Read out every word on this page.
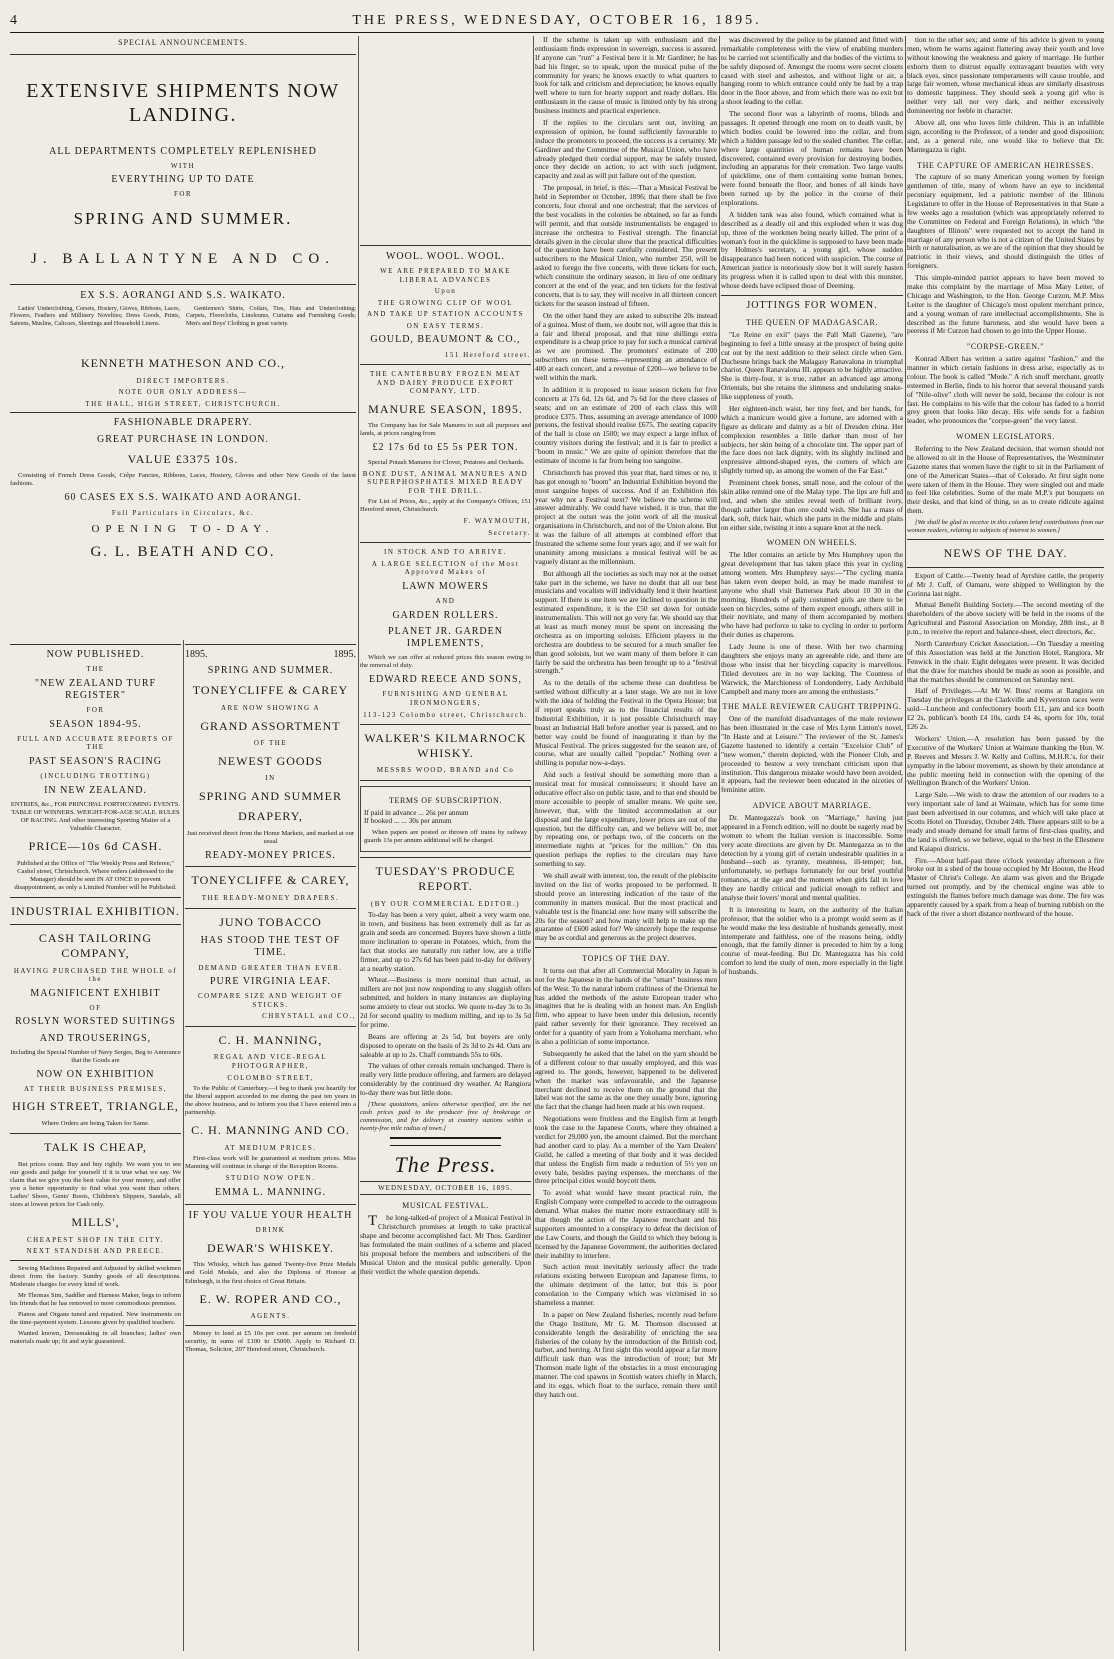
4	THE PRESS, WEDNESDAY, OCTOBER 16, 1895.
SPECIAL ANNOUNCEMENTS.
EXTENSIVE SHIPMENTS NOW LANDING.
ALL DEPARTMENTS COMPLETELY REPLENISHED
WITH
EVERYTHING UP TO DATE
FOR
SPRING AND SUMMER.
J. BALLANTYNE AND CO.
EX S.S. AORANGI AND S.S. WAIKATO.

Ladies' Underclothing, Corsets, Hosiery, Gloves, Ribbons, Laces, Flowers, Feathers and Millinery Novelties; Dress Goods, Prints, Sateens, Muslins, Calicoes, Sheetings and Household Linens.

Gentlemen's Shirts, Collars, Ties, Hats and Underclothing; Carpets, Floorcloths, Linoleums, Curtains and Furnishing Goods; Men's and Boys' Clothing in great variety.

KENNETH MATHESON AND CO.,
DIRECT IMPORTERS.
NOTE OUR ONLY ADDRESS—
THE HALL, HIGH STREET, CHRISTCHURCH.
FASHIONABLE DRAPERY.
GREAT PURCHASE IN LONDON.
VALUE £3375 10s.

Consisting of French Dress Goods, Crêpe Fancies, Ribbons, Laces, Hosiery, Gloves and other New Goods of the latest fashions.

60 CASES EX S.S. WAIKATO AND AORANGI.
Full Particulars in Circulars, &c.
OPENING TO-DAY.
G. L. BEATH AND CO.
NOW PUBLISHED.
THE
"NEW ZEALAND TURF REGISTER"
FOR
SEASON 1894-95.
FULL AND ACCURATE REPORTS OF THE
PAST SEASON'S RACING
(INCLUDING TROTTING)
IN NEW ZEALAND.

ENTRIES, &c., FOR PRINCIPAL FORTHCOMING EVENTS. TABLE OF WINNERS. WEIGHT-FOR-AGE SCALE. RULES OF RACING. And other interesting Sporting Matter of a Valuable Character.

PRICE—10s 6d CASH.

Published at the Office of "The Weekly Press and Referee," Cashel street, Christchurch. Where orders (addressed to the Manager) should be sent IN AT ONCE to prevent disappointment, as only a Limited Number will be Published.

INDUSTRIAL EXHIBITION.
CASH TAILORING COMPANY,
HAVING PURCHASED THE WHOLE of the
MAGNIFICENT EXHIBIT
OF
ROSLYN WORSTED SUITINGS
AND TROUSERINGS,

Including the Special Number of Navy Serges, Beg to Announce that the Goods are

NOW ON EXHIBITION
AT THEIR BUSINESS PREMISES,
HIGH STREET, TRIANGLE,

Where Orders are being Taken for Same.

TALK IS CHEAP,

But prices count. Buy and buy rightly. We want you to see our goods and judge for yourself if it is true what we say. We claim that we give you the best value for your money, and offer you a better opportunity to find what you want than others. Ladies' Shoes, Gents' Boots, Children's Slippers, Sandals, all sizes at lowest prices for Cash only.

MILLS',
CHEAPEST SHOP IN THE CITY.
NEXT STANDISH AND PREECE.

Sewing Machines Repaired and Adjusted by skilled workmen direct from the factory. Sundry goods of all descriptions. Moderate charges for every kind of work.

Mr Thomas Sim, Saddler and Harness Maker, begs to inform his friends that he has removed to more commodious premises.

Pianos and Organs tuned and repaired. New instruments on the time-payment system. Lessons given by qualified teachers.

Wanted known, Dressmaking in all branches; ladies' own materials made up; fit and style guaranteed.

1895.	1895.
SPRING AND SUMMER.
TONEYCLIFFE & CAREY
ARE NOW SHOWING A
GRAND ASSORTMENT
OF THE
NEWEST GOODS
IN
SPRING AND SUMMER
DRAPERY,

Just received direct from the Home Markets, and marked at our usual

READY-MONEY PRICES.
TONEYCLIFFE & CAREY,
THE READY-MONEY DRAPERS.
JUNO TOBACCO
HAS STOOD THE TEST OF TIME.
DEMAND GREATER THAN EVER.
PURE VIRGINIA LEAF.
COMPARE SIZE AND WEIGHT OF STICKS.
CHRYSTALL and CO.,
C. H. MANNING,
REGAL AND VICE-REGAL PHOTOGRAPHER,
COLOMBO STREET,

To the Public of Canterbury.—I beg to thank you heartily for the liberal support accorded to me during the past ten years in the above business, and to inform you that I have entered into a partnership.

C. H. MANNING AND CO.
AT MEDIUM PRICES.

First-class work will be guaranteed at medium prices. Miss Manning will continue in charge of the Reception Rooms.

STUDIO NOW OPEN.
EMMA L. MANNING.
IF YOU VALUE YOUR HEALTH
DRINK
DEWAR'S WHISKEY.

This Whisky, which has gained Twenty-five Prize Medals and Gold Medals, and also the Diploma of Honour at Edinburgh, is the first choice of Great Britain.

E. W. ROPER AND CO.,
AGENTS.

Money to lend at £5 10s per cent. per annum on freehold security, in sums of £100 to £5000. Apply to Richard D. Thomas, Solicitor, 207 Hereford street, Christchurch.

WOOL. WOOL. WOOL.
WE ARE PREPARED TO MAKE LIBERAL ADVANCES
Upon
THE GROWING CLIP OF WOOL
AND TAKE UP STATION ACCOUNTS
ON EASY TERMS.
GOULD, BEAUMONT & CO.,
151 Hereford street.
THE CANTERBURY FROZEN MEAT AND DAIRY PRODUCE EXPORT COMPANY, LTD.
MANURE SEASON, 1895.

The Company has for Sale Manures to suit all purposes and lands, at prices ranging from

£2 17s 6d to £5 5s PER TON.

Special Potash Manures for Clover, Potatoes and Orchards.

BONE DUST, ANIMAL MANURES AND SUPERPHOSPHATES MIXED READY FOR THE DRILL.

For List of Prices, &c., apply at the Company's Offices, 151 Hereford street, Christchurch.

F. WAYMOUTH,
Secretary.
IN STOCK AND TO ARRIVE.
A LARGE SELECTION of the Most Approved Makes of
LAWN MOWERS
AND
GARDEN ROLLERS.
PLANET JR. GARDEN IMPLEMENTS,

Which we can offer at reduced prices this season owing to the removal of duty.

EDWARD REECE AND SONS,
FURNISHING AND GENERAL IRONMONGERS,
113-123 Colombo street, Christchurch.
WALKER'S KILMARNOCK WHISKY.
MESSRS WOOD, BRAND and Co
TERMS OF SUBSCRIPTION.
If paid in advance ... 26s per annum
If booked ... ... 30s per annum

When papers are posted or thrown off trains by railway guards 13s per annum additional will be charged.

TUESDAY'S PRODUCE REPORT.
(BY OUR COMMERCIAL EDITOR.)

To-day has been a very quiet, albeit a very warm one, in town, and business has been extremely dull as far as grain and seeds are concerned. Buyers have shown a little more inclination to operate in Potatoes, which, from the fact that stocks are naturally run rather low, are a trifle firmer, and up to 27s 6d has been paid to-day for delivery at a nearby station.

Wheat.—Business is more nominal than actual, as millers are not just now responding to any sluggish offers submitted, and holders in many instances are displaying some anxiety to clear out stocks. We quote to-day 3s to 3s 2d for second quality to medium milling, and up to 3s 5d for prime.

Beans are offering at 2s 5d, but buyers are only disposed to operate on the basis of 2s 3d to 2s 4d. Oats are saleable at up to 2s. Chaff commands 55s to 60s.

The values of other cereals remain unchanged. There is really very little produce offering, and farmers are delayed considerably by the continued dry weather. At Rangiora to-day there was but little done.

[These quotations, unless otherwise specified, are the net cash prices paid to the producer free of brokerage or commission, and for delivery at country stations within a twenty-five mile radius of town.]

The Press.
WEDNESDAY, OCTOBER 16, 1895.
MUSICAL FESTIVAL.

The long-talked-of project of a Musical Festival in Christchurch promises at length to take practical shape and become accomplished fact. Mr Thos. Gardiner has formulated the main outlines of a scheme and placed his proposal before the members and subscribers of the Musical Union and the musical public generally. Upon their verdict the whole question depends.

If the scheme is taken up with enthusiasm and the enthusiasm finds expression in sovereign, success is assured. If anyone can "run" a Festival here it is Mr Gardiner; he has had his finger, so to speak, upon the musical pulse of the community for years; he knows exactly to what quarters to look for talk and criticism and depreciation; he knows equally well where to turn for hearty support and ready dollars. His enthusiasm in the cause of music is limited only by his strong business instincts and practical experience.

If the replies to the circulars sent out, inviting an expression of opinion, be found sufficiently favourable to induce the promoters to proceed, the success is a certainty. Mr Gardiner and the Committee of the Musical Union, who have already pledged their cordial support, may be safely trusted, once they decide on action, to act with such judgment, capacity and zeal as will put failure out of the question.

The proposal, in brief, is this:—That a Musical Festival be held in September or October, 1896; that there shall be five concerts, four choral and one orchestral; that the services of the best vocalists in the colonies be obtained, so far as funds will permit, and that outside instrumentalists be engaged to increase the orchestra to Festival strength. The financial details given in the circular show that the practical difficulties of the question have been carefully considered. The present subscribers to the Musical Union, who number 250, will be asked to forego the five concerts, with three tickets for each, which constitute the ordinary season, in lieu of one ordinary concert at the end of the year, and ten tickets for the festival concerts, that is to say, they will receive in all thirteen concert tickets for the season instead of fifteen.

On the other hand they are asked to subscribe 20s instead of a guinea. Most of them, we doubt not, will agree that this is a fair and liberal proposal, and that nine shillings extra expenditure is a cheap price to pay for such a musical carnival as we are promised. The promoters' estimate of 200 subscribers on these terms—representing an attendance of 400 at each concert, and a revenue of £200—we believe to be well within the mark.

In addition it is proposed to issue season tickets for five concerts at 17s 6d, 12s 6d, and 7s 6d for the three classes of seats; and on an estimate of 200 of each class this will produce £375. Thus, assuming an average attendance of 1000 persons, the festival should realise £675. The seating capacity of the hall is close on 1500; we may expect a large influx of country visitors during the festival; and it is fair to predict a "boom in music." We are quite of opinion therefore that the estimate of income is far from being too sanguine.

Christchurch has proved this year that, hard times or no, it has got enough to "boom" an Industrial Exhibition beyond the most sanguine hopes of success. And if an Exhibition this year why not a Festival next? We believe the scheme will answer admirably. We could have wished, it is true, that the project at the outset was the joint work of all the musical organisations in Christchurch, and not of the Union alone. But it was the failure of all attempts at combined effort that frustrated the scheme some four years ago; and if we wait for unanimity among musicians a musical festival will be as vaguely distant as the millennium.

But although all the societies as such may not at the outset take part in the scheme, we have no doubt that all our best musicians and vocalists will individually lend it their heartiest support. If there is one item we are inclined to question in the estimated expenditure, it is the £50 set down for outside instrumentalists. This will not go very far. We should say that at least as much money must be spent on increasing the orchestra as on importing soloists. Efficient players in the orchestra are doubtless to be secured for a much smaller fee than good soloists, but we want many of them before it can fairly be said the orchestra has been brought up to a "festival strength."

As to the details of the scheme these can doubtless be settled without difficulty at a later stage. We are not in love with the idea of holding the Festival in the Opera House; but if report speaks truly as to the financial results of the Industrial Exhibition, it is just possible Christchurch may boast an Industrial Hall before another year is passed, and no better way could be found of inaugurating it than by the Musical Festival. The prices suggested for the season are, of course, what are usually called "popular." Nothing over a shilling is popular now-a-days.

And such a festival should be something more than a musical treat for musical connoisseurs; it should have an educative effect also on public taste, and to that end should be more accessible to people of smaller means. We quite see, however, that, with the limited accommodation at our disposal and the large expenditure, lower prices are out of the question, but the difficulty can, and we believe will be, met by repeating one, or perhaps two, of the concerts on the intermediate nights at "prices for the million." On this question perhaps the replies to the circulars may have something to say.

We shall await with interest, too, the result of the plebiscite invited on the list of works proposed to be performed. It should prove an interesting indication of the taste of the community in matters musical. But the most practical and valuable test is the financial one: how many will subscribe the 20s for the season? and how many will help to make up the guarantee of £600 asked for? We sincerely hope the response may be as cordial and generous as the project deserves.

TOPICS OF THE DAY.

It turns out that after all Commercial Morality in Japan is not for the Japanese in the hands of the "smart" business men of the West. To the natural inborn craftiness of the Oriental he has added the methods of the astute European trader who imagines that he is dealing with an honest man. An English firm, who appear to have been under this delusion, recently paid rather severely for their ignorance. They received an order for a quantity of yarn from a Yokohama merchant, who is also a politician of some importance.

Subsequently he asked that the label on the yarn should be of a different colour to that usually employed, and this was agreed to. The goods, however, happened to be delivered when the market was unfavourable, and the Japanese merchant declined to receive them on the ground that the label was not the same as the one they usually bore, ignoring the fact that the change had been made at his own request.

Negotiations were fruitless and the English firm at length took the case to the Japanese Courts, where they obtained a verdict for 29,000 yen, the amount claimed. But the merchant had another card to play. As a member of the Yarn Dealers' Guild, he called a meeting of that body and it was decided that unless the English firm made a reduction of 5½ yen on every bale, besides paying expenses, the merchants of the three principal cities would boycott them.

To avoid what would have meant practical ruin, the English Company were compelled to accede to the outrageous demand. What makes the matter more extraordinary still is that though the action of the Japanese merchant and his supporters amounted to a conspiracy to defeat the decision of the Law Courts, and though the Guild to which they belong is licensed by the Japanese Government, the authorities declared their inability to interfere.

Such action must inevitably seriously affect the trade relations existing between European and Japanese firms, to the ultimate detriment of the latter, but this is poor consolation to the Company which was victimised in so shameless a manner.

In a paper on New Zealand fisheries, recently read before the Otago Institute, Mr G. M. Thomson discussed at considerable length the desirability of enriching the sea fisheries of the colony by the introduction of the British cod, turbot, and herring. At first sight this would appear a far more difficult task than was the introduction of trout; but Mr Thomson made light of the obstacles in a most encouraging manner. The cod spawns in Scottish waters chiefly in March, and its eggs, which float to the surface, remain there until they hatch out.

was discovered by the police to be planned and fitted with remarkable completeness with the view of enabling murders to be carried out scientifically and the bodies of the victims to be safely disposed of. Amongst the rooms were secret closets cased with steel and asbestos, and without light or air, a hanging room to which entrance could only be had by a trap door in the floor above, and from which there was no exit but a shoot leading to the cellar.

The second floor was a labyrinth of rooms, blinds and passages. It opened through one room on to death vault, by which bodies could be lowered into the cellar, and from which a hidden passage led to the sealed chamber. The cellar, where large quantities of human remains have been discovered, contained every provision for destroying bodies, including an apparatus for their cremation. Two large vaults of quicklime, one of them containing some human bones, were found beneath the floor, and bones of all kinds have been turned up by the police in the course of their explorations.

A hidden tank was also found, which contained what is described as a deadly oil and this exploded when it was dug up, three of the workmen being nearly killed. The print of a woman's foot in the quicklime is supposed to have been made by Holmes's secretary, a young girl, whose sudden disappearance had been noticed with suspicion. The course of American justice is notoriously slow but it will surely hasten its progress when it is called upon to deal with this monster, whose deeds have eclipsed those of Deeming.

JOTTINGS FOR WOMEN.
THE QUEEN OF MADAGASCAR.

"Le Reine en exil" (says the Pall Mall Gazette), "are beginning to feel a little uneasy at the prospect of being quite cut out by the next addition to their select circle when Gen. Duchesne brings back the Malagasy Ranavalona in triumphal chariot. Queen Ranavalona III. appears to be highly attractive. She is thirty-four, it is true, rather an advanced age among Orientals, but she retains the slimness and undulating snake-like suppleness of youth.

Her eighteen-inch waist, her tiny feet, and her hands, for which a manicure would give a fortune, are adorned with a figure as delicate and dainty as a bit of Dresden china. Her complexion resembles a little darker than most of her subjects, her skin being of a chocolate tint. The upper part of the face does not lack dignity, with its slightly inclined and expressive almond-shaped eyes, the corners of which are slightly turned up, as among the women of the Far East."

Prominent cheek bones, small nose, and the colour of the skin alike remind one of the Malay type. The lips are full and red, and when she smiles reveal teeth of brilliant ivory, though rather larger than one could wish. She has a mass of dark, soft, thick hair, which she parts in the middle and plaits on either side, twisting it into a square knot at the neck.

WOMEN ON WHEELS.

The Idler contains an article by Mrs Humphrey upon the great development that has taken place this year in cycling among women. Mrs Humphrey says:—"The cycling mania has taken even deeper hold, as may be made manifest to anyone who shall visit Battersea Park about 10 30 in the morning. Hundreds of gaily costumed girls are there to be seen on bicycles, some of them expert enough, others still in their novitiate, and many of them accompanied by mothers who have had perforce to take to cycling in order to perform their duties as chaperons.

Lady Jeune is one of these. With her two charming daughters she enjoys many an agreeable ride, and there are those who insist that her bicycling capacity is marvellous. Titled devotees are in no way lacking. The Countess of Warwick, the Marchioness of Londonderry, Lady Archibald Campbell and many more are among the enthusiasts."

THE MALE REVIEWER CAUGHT TRIPPING.

One of the manifold disadvantages of the male reviewer has been illustrated in the case of Mrs Lynn Linton's novel, "In Haste and at Leisure." The reviewer of the St. James's Gazette hastened to identify a certain "Excelsior Club" of "new women," therein depicted, with the Pioneer Club, and proceeded to bestow a very trenchant criticism upon that institution. This dangerous mistake would have been avoided, it appears, had the reviewer been educated in the niceties of feminine attire.

ADVICE ABOUT MARRIAGE.

Dr. Mantegazza's book on "Marriage," having just appeared in a French edition, will no doubt be eagerly read by women to whom the Italian version is inaccessible. Some very acute directions are given by Dr. Mantegazza as to the detection by a young girl of certain undesirable qualities in a husband—such as tyranny, meanness, ill-temper; but, unfortunately, so perhaps fortunately for our brief youthful romances, at the age and the moment when girls fall in love they are hardly critical and judicial enough to reflect and analyse their lovers' moral and mental qualities.

It is interesting to learn, on the authority of the Italian professor, that the soldier who is a prompt would seem as if he would make the less desirable of husbands generally, most intemperate and faithless, one of the reasons being, oddly enough, that the family dinner is preceded to him by a long course of meat-feeding. But Dr. Mantegazza has his cold comfort to lend the study of men, more especially in the light of husbands.

tion to the other sex; and some of his advice is given to young men, whom he warns against flattering away their youth and love without knowing the weakness and gaiety of marriage. He further exhorts them to distrust equally extravagant beauties with very black eyes, since passionate temperaments will cause trouble, and large fair women, whose mechanical ideas are similarly disastrous to domestic happiness. They should seek a young girl who is neither very tall nor very dark, and neither excessively domineering nor feeble in character.

Above all, one who loves little children. This is an infallible sign, according to the Professor, of a tender and good disposition; and, as a general rule, one would like to believe that Dr. Mantegazza is right.

THE CAPTURE OF AMERICAN HEIRESSES.

The capture of so many American young women by foreign gentlemen of title, many of whom have an eye to incidental pecuniary equipment, led a patriotic member of the Illinois Legislature to offer in the House of Representatives in that State a few weeks ago a resolution (which was appropriately referred to the Committee on Federal and Foreign Relations), in which "the daughters of Illinois" were requested not to accept the hand in marriage of any person who is not a citizen of the United States by birth or naturalisation, as we are of the opinion that they should be patriotic in their views, and should distinguish the titles of foreigners.

This simple-minded patriot appears to have been moved to make this complaint by the marriage of Miss Mary Leiter, of Chicago and Washington, to the Hon. George Curzon, M.P. Miss Leiter is the daughter of Chicago's most opulent merchant prince, and a young woman of rare intellectual accomplishments. She is described as the future baroness, and she would have been a peeress if Mr Curzon had chosen to go into the Upper House.

"CORPSE-GREEN."

Konrad Albert has written a satire against "fashion," and the manner in which certain fashions in dress arise, especially as to colour. The book is called "Mode." A rich snuff merchant, greatly esteemed in Berlin, finds to his horror that several thousand yards of "Nile-olive" cloth will never be sold, because the colour is not fast. He complains to his wife that the colour has faded to a horrid grey green that looks like decay. His wife sends for a fashion leader, who pronounces the "corpse-green" the very latest.

WOMEN LEGISLATORS.

Referring to the New Zealand decision, that women should not be allowed to sit in the House of Representatives, the Westminster Gazette states that women have the right to sit in the Parliament of one of the American States—that of Colorado. At first sight none were taken of them in the House. They were singled out and made to feel like celebrities. Some of the male M.P.'s put bouquets on their desks, and that kind of thing, so as to create ridicule against them.

[We shall be glad to receive in this column brief contributions from our women readers, relating to subjects of interest to women.]

NEWS OF THE DAY.

Export of Cattle.—Twenty head of Ayrshire cattle, the property of Mr J. Cuff, of Oamaru, were shipped to Wellington by the Corinna last night.

Mutual Benefit Building Society.—The second meeting of the shareholders of the above society will be held in the rooms of the Agricultural and Pastoral Association on Monday, 28th inst., at 8 p.m., to receive the report and balance-sheet, elect directors, &c.

North Canterbury Cricket Association.—On Tuesday a meeting of this Association was held at the Junction Hotel, Rangiora, Mr Fenwick in the chair. Eight delegates were present. It was decided that the draw for matches should be made as soon as possible, and that the matches should be commenced on Saturday next.

Half of Privileges.—At Mr W. Buss' rooms at Rangiora on Tuesday the privileges at the Clarkville and Kyverston races were sold—Luncheon and confectionery booth £11, jam and ice booth £2 2s, publican's booth £4 10s, cards £4 4s, sports for 10s, total £26 2s.

Workers' Union.—A resolution has been passed by the Executive of the Workers' Union at Waimate thanking the Hon. W. P. Reeves and Messrs J. W. Kelly and Collins, M.H.R.'s, for their sympathy in the labour movement, as shown by their attendance at the public meeting held in connection with the opening of the Wellington Branch of the Workers' Union.

Large Sale.—We wish to draw the attention of our readers to a very important sale of land at Waimate, which has for some time past been advertised in our columns, and which will take place at Scotts Hotel on Thursday, October 24th. There appears still to be a ready and steady demand for small farms of first-class quality, and the land is offered, so we believe, equal to the best in the Ellesmere and Kaiapoi districts.

Fire.—About half-past three o'clock yesterday afternoon a fire broke out in a shed of the house occupied by Mr Hooton, the Head Master of Christ's College. An alarm was given and the Brigade turned out promptly, and by the chemical engine was able to extinguish the flames before much damage was done. The fire was apparently caused by a spark from a heap of burning rubbish on the back of the river a short distance northward of the house.
